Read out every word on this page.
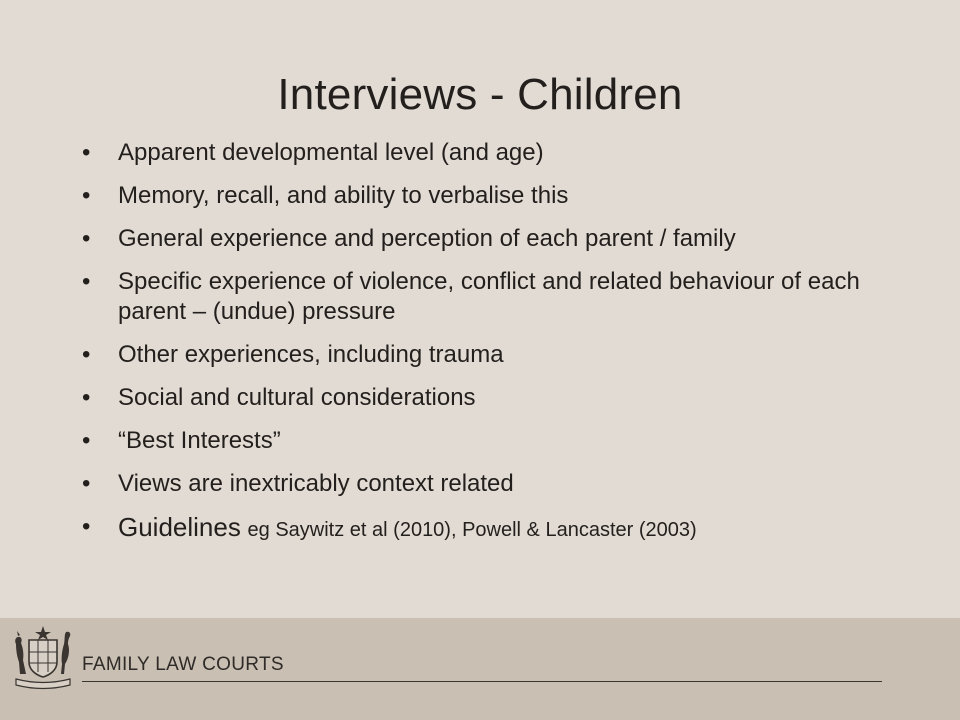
Interviews - Children
• Apparent developmental level (and age)
• Memory, recall, and ability to verbalise this
• General experience and perception of each parent / family
• Specific experience of violence, conflict and related behaviour of each parent – (undue) pressure
• Other experiences, including trauma
• Social and cultural considerations
• “Best Interests”
• Views are inextricably context related
• Guidelines eg Saywitz et al (2010), Powell & Lancaster (2003)
FAMILY LAW COURTS
